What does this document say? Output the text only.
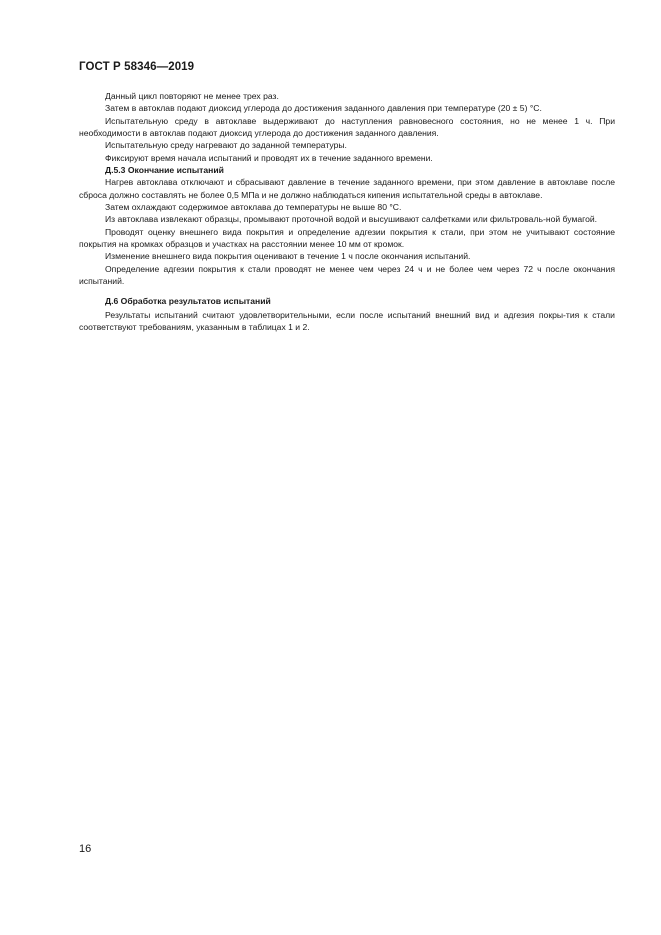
ГОСТ Р 58346—2019

Данный цикл повторяют не менее трех раз.

Затем в автоклав подают диоксид углерода до достижения заданного давления при температуре (20 ± 5) °С.

Испытательную среду в автоклаве выдерживают до наступления равновесного состояния, но не менее 1 ч. При необходимости в автоклав подают диоксид углерода до достижения заданного давления.

Испытательную среду нагревают до заданной температуры.

Фиксируют время начала испытаний и проводят их в течение заданного времени.

Д.5.3 Окончание испытаний

Нагрев автоклава отключают и сбрасывают давление в течение заданного времени, при этом давление в автоклаве после сброса должно составлять не более 0,5 МПа и не должно наблюдаться кипения испытательной среды в автоклаве.

Затем охлаждают содержимое автоклава до температуры не выше 80 °С.

Из автоклава извлекают образцы, промывают проточной водой и высушивают салфетками или фильтроваль-ной бумагой.

Проводят оценку внешнего вида покрытия и определение адгезии покрытия к стали, при этом не учитывают состояние покрытия на кромках образцов и участках на расстоянии менее 10 мм от кромок.

Изменение внешнего вида покрытия оценивают в течение 1 ч после окончания испытаний.

Определение адгезии покрытия к стали проводят не менее чем через 24 ч и не более чем через 72 ч после окончания испытаний.

Д.6 Обработка результатов испытаний

Результаты испытаний считают удовлетворительными, если после испытаний внешний вид и адгезия покры-тия к стали соответствуют требованиям, указанным в таблицах 1 и 2.

16
